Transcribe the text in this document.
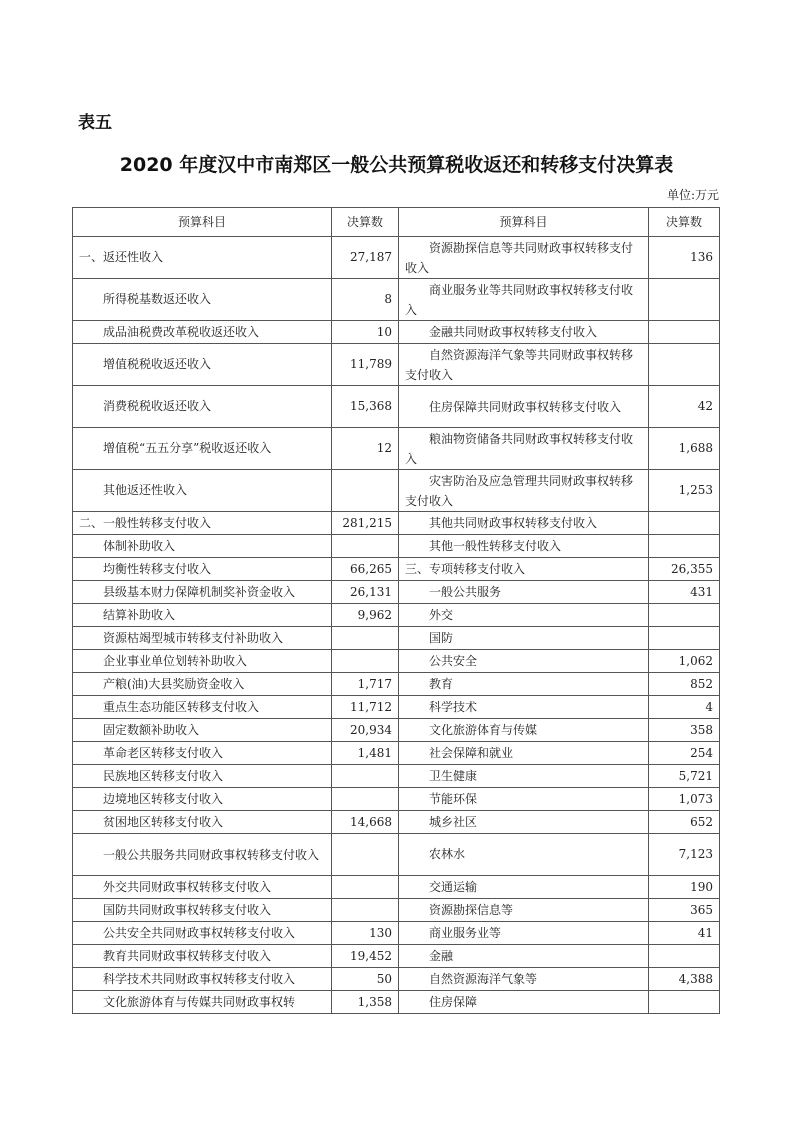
表五
2020 年度汉中市南郑区一般公共预算税收返还和转移支付决算表
单位:万元
预算科目	决算数	预算科目	决算数
一、返还性收入	27,187	资源勘探信息等共同财政事权转移支付收入	136
所得税基数返还收入	8	商业服务业等共同财政事权转移支付收入	
成品油税费改革税收返还收入	10	金融共同财政事权转移支付收入	
增值税税收返还收入	11,789	自然资源海洋气象等共同财政事权转移支付收入	
消费税税收返还收入	15,368	住房保障共同财政事权转移支付收入	42
增值税“五五分享”税收返还收入	12	粮油物资储备共同财政事权转移支付收入	1,688
其他返还性收入		灾害防治及应急管理共同财政事权转移支付收入	1,253
二、一般性转移支付收入	281,215	其他共同财政事权转移支付收入	
体制补助收入		其他一般性转移支付收入	
均衡性转移支付收入	66,265	三、专项转移支付收入	26,355
县级基本财力保障机制奖补资金收入	26,131	一般公共服务	431
结算补助收入	9,962	外交	
资源枯竭型城市转移支付补助收入		国防	
企业事业单位划转补助收入		公共安全	1,062
产粮(油)大县奖励资金收入	1,717	教育	852
重点生态功能区转移支付收入	11,712	科学技术	4
固定数额补助收入	20,934	文化旅游体育与传媒	358
革命老区转移支付收入	1,481	社会保障和就业	254
民族地区转移支付收入		卫生健康	5,721
边境地区转移支付收入		节能环保	1,073
贫困地区转移支付收入	14,668	城乡社区	652
一般公共服务共同财政事权转移支付收入		农林水	7,123
外交共同财政事权转移支付收入		交通运输	190
国防共同财政事权转移支付收入		资源勘探信息等	365
公共安全共同财政事权转移支付收入	130	商业服务业等	41
教育共同财政事权转移支付收入	19,452	金融	
科学技术共同财政事权转移支付收入	50	自然资源海洋气象等	4,388
文化旅游体育与传媒共同财政事权转	1,358	住房保障	
